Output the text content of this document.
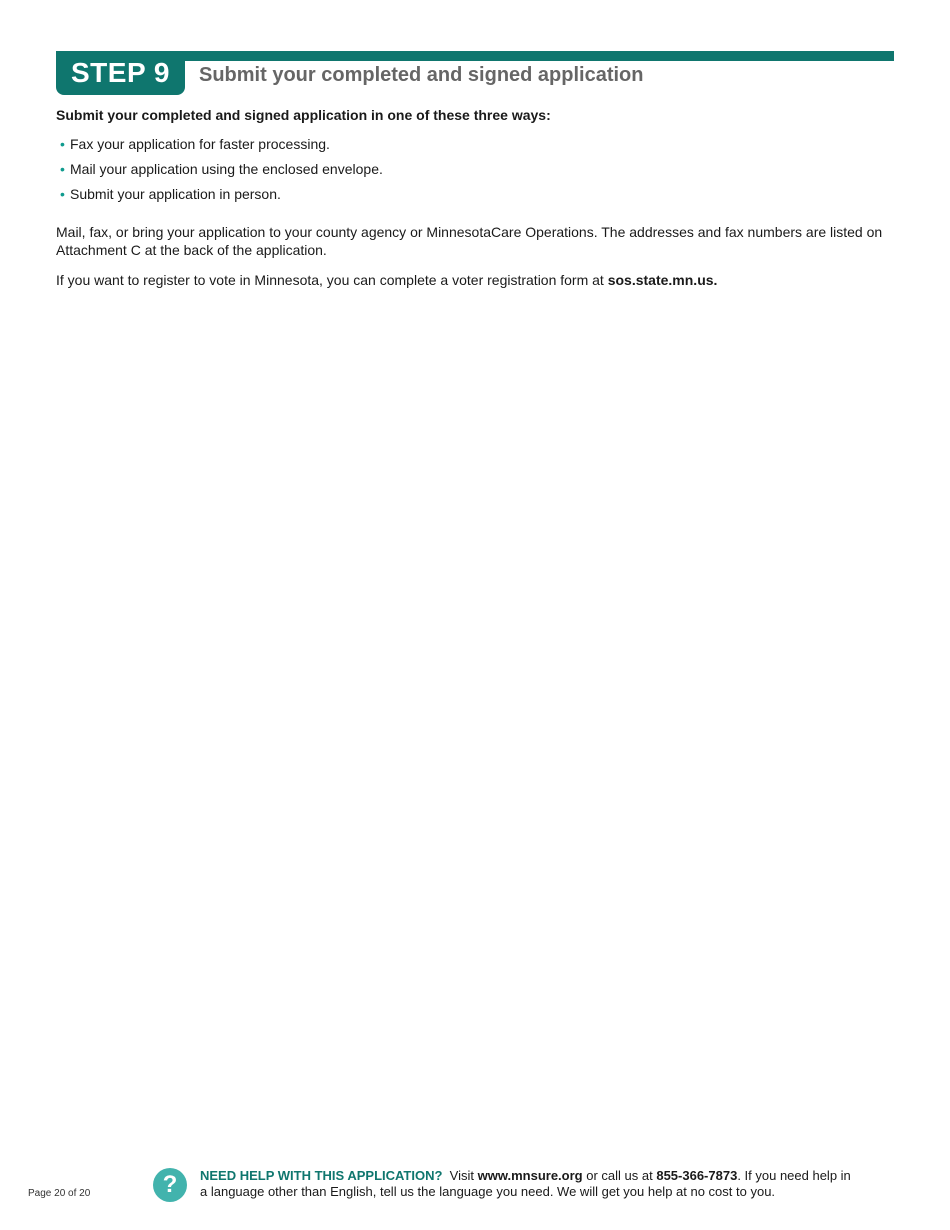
STEP 9	Submit your completed and signed application

Submit your completed and signed application in one of these three ways:

• Fax your application for faster processing.
• Mail your application using the enclosed envelope.
• Submit your application in person.

Mail, fax, or bring your application to your county agency or MinnesotaCare Operations. The addresses and fax numbers are listed on Attachment C at the back of the application.

If you want to register to vote in Minnesota, you can complete a voter registration form at sos.state.mn.us.

Page 20 of 20	?	NEED HELP WITH THIS APPLICATION? Visit www.mnsure.org or call us at 855-366-7873. If you need help in a language other than English, tell us the language you need. We will get you help at no cost to you.
